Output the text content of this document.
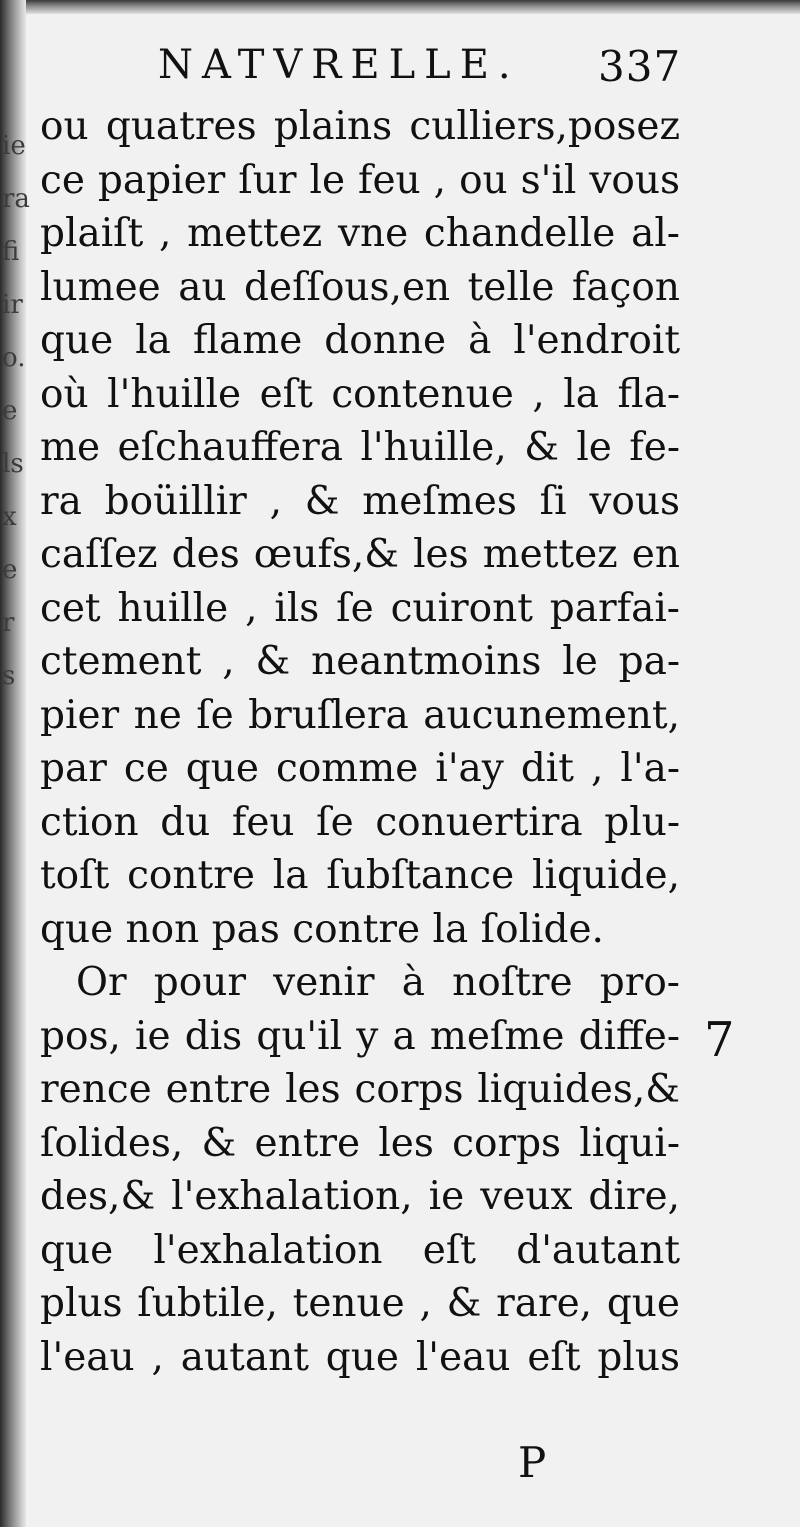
ie
ra
fi
ir
o.
e
ls
x
e
r
s
NATVRELLE. 337
ou quatres plains culliers,posez
ce papier ſur le feu , ou s'il vous
plaiſt , mettez vne chandelle al-
lumee au deſſous,en telle façon
que la flame donne à l'endroit
où l'huille eſt contenue , la fla-
me eſchauffera l'huille, & le fe-
ra boüillir , & meſmes ſi vous
caſſez des œufs,& les mettez en
cet huille , ils ſe cuiront parfai-
ctement , & neantmoins le pa-
pier ne ſe bruſlera aucunement,
par ce que comme i'ay dit , l'a-
ction du feu ſe conuertira plu-
toſt contre la ſubſtance liquide,
que non pas contre la ſolide.
Or pour venir à noſtre pro-
pos, ie dis qu'il y a meſme diffe-
rence entre les corps liquides,&
ſolides, & entre les corps liqui-
des,& l'exhalation, ie veux dire,
que l'exhalation eſt d'autant
plus ſubtile, tenue , & rare, que
l'eau , autant que l'eau eſt plus
7
P
